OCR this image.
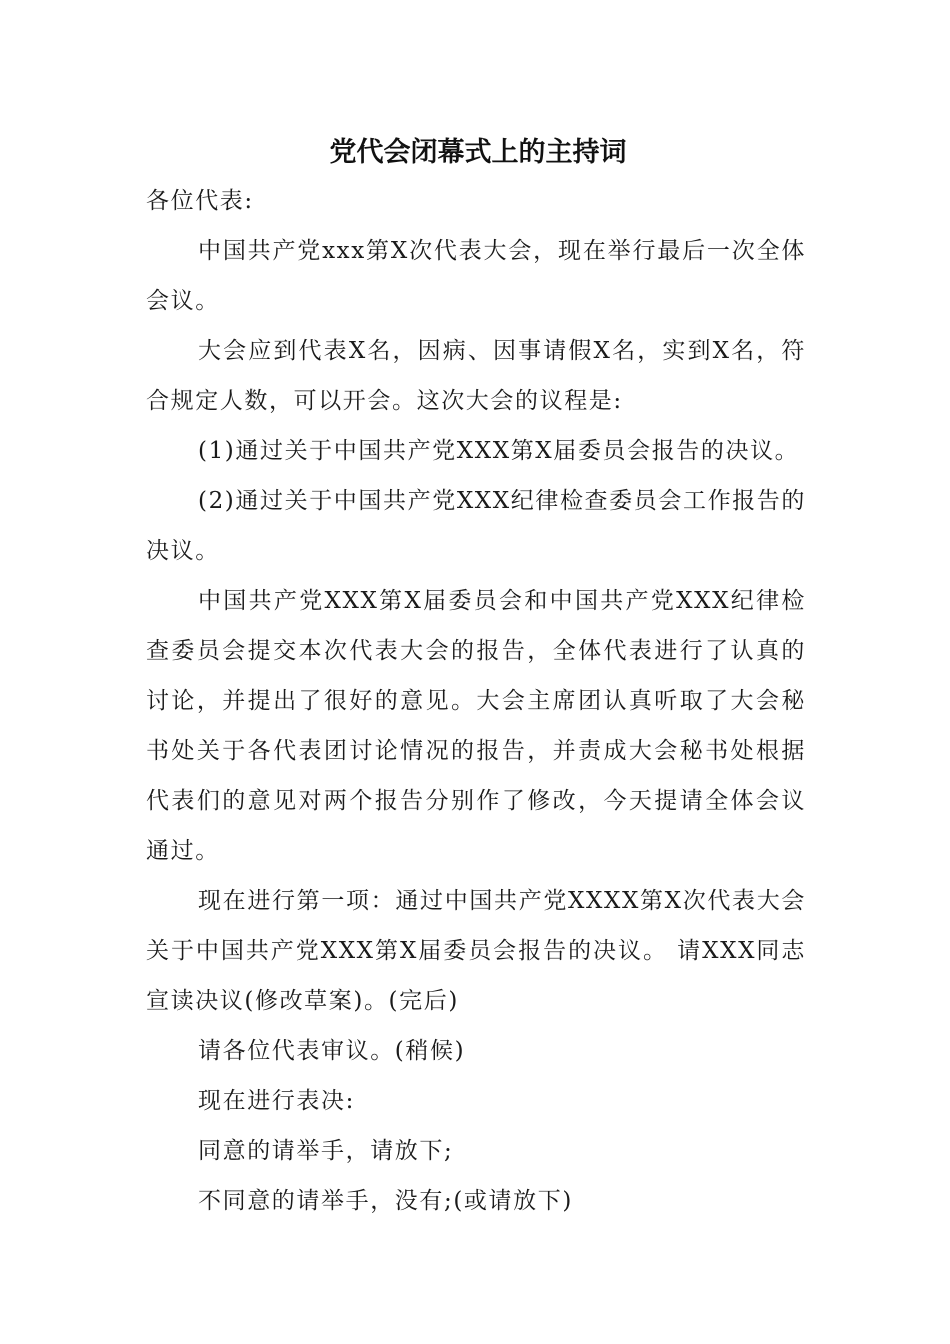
党代会闭幕式上的主持词

各位代表:

中国共产党xxx第X次代表大会，现在举行最后一次全体会议。

大会应到代表X名，因病、因事请假X名，实到X名，符合规定人数，可以开会。这次大会的议程是:

(1)通过关于中国共产党XXX第X届委员会报告的决议。

(2)通过关于中国共产党XXX纪律检查委员会工作报告的决议。

中国共产党XXX第X届委员会和中国共产党XXX纪律检查委员会提交本次代表大会的报告，全体代表进行了认真的讨论，并提出了很好的意见。大会主席团认真听取了大会秘书处关于各代表团讨论情况的报告，并责成大会秘书处根据代表们的意见对两个报告分别作了修改，今天提请全体会议通过。

现在进行第一项：通过中国共产党XXXX第X次代表大会关于中国共产党XXX第X届委员会报告的决议。 请XXX同志宣读决议(修改草案)。(完后)

请各位代表审议。(稍候)

现在进行表决:

同意的请举手，请放下;

不同意的请举手，没有;(或请放下)
